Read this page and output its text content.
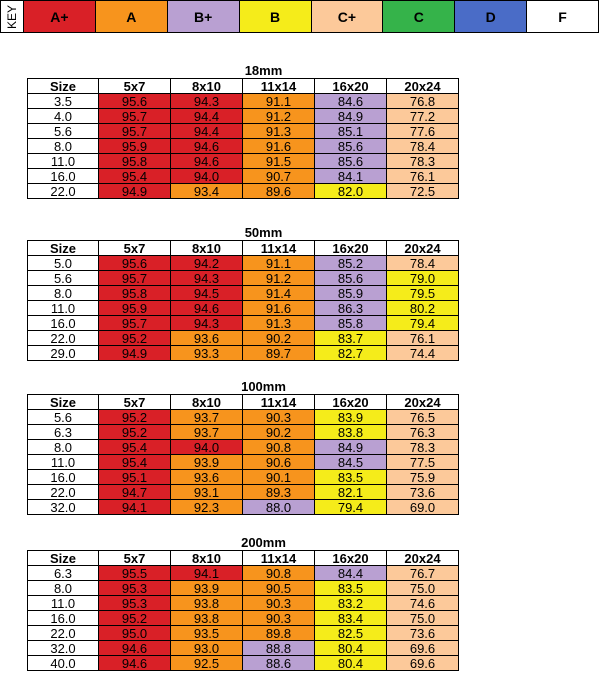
KEY	A+	A	B+	B	C+	C	D	F
18mm
Size	5x7	8x10	11x14	16x20	20x24
3.5	95.6	94.3	91.1	84.6	76.8
4.0	95.7	94.4	91.2	84.9	77.2
5.6	95.7	94.4	91.3	85.1	77.6
8.0	95.9	94.6	91.6	85.6	78.4
11.0	95.8	94.6	91.5	85.6	78.3
16.0	95.4	94.0	90.7	84.1	76.1
22.0	94.9	93.4	89.6	82.0	72.5
50mm
Size	5x7	8x10	11x14	16x20	20x24
5.0	95.6	94.2	91.1	85.2	78.4
5.6	95.7	94.3	91.2	85.6	79.0
8.0	95.8	94.5	91.4	85.9	79.5
11.0	95.9	94.6	91.6	86.3	80.2
16.0	95.7	94.3	91.3	85.8	79.4
22.0	95.2	93.6	90.2	83.7	76.1
29.0	94.9	93.3	89.7	82.7	74.4
100mm
Size	5x7	8x10	11x14	16x20	20x24
5.6	95.2	93.7	90.3	83.9	76.5
6.3	95.2	93.7	90.2	83.8	76.3
8.0	95.4	94.0	90.8	84.9	78.3
11.0	95.4	93.9	90.6	84.5	77.5
16.0	95.1	93.6	90.1	83.5	75.9
22.0	94.7	93.1	89.3	82.1	73.6
32.0	94.1	92.3	88.0	79.4	69.0
200mm
Size	5x7	8x10	11x14	16x20	20x24
6.3	95.5	94.1	90.8	84.4	76.7
8.0	95.3	93.9	90.5	83.5	75.0
11.0	95.3	93.8	90.3	83.2	74.6
16.0	95.2	93.8	90.3	83.4	75.0
22.0	95.0	93.5	89.8	82.5	73.6
32.0	94.6	93.0	88.8	80.4	69.6
40.0	94.6	92.5	88.6	80.4	69.6
